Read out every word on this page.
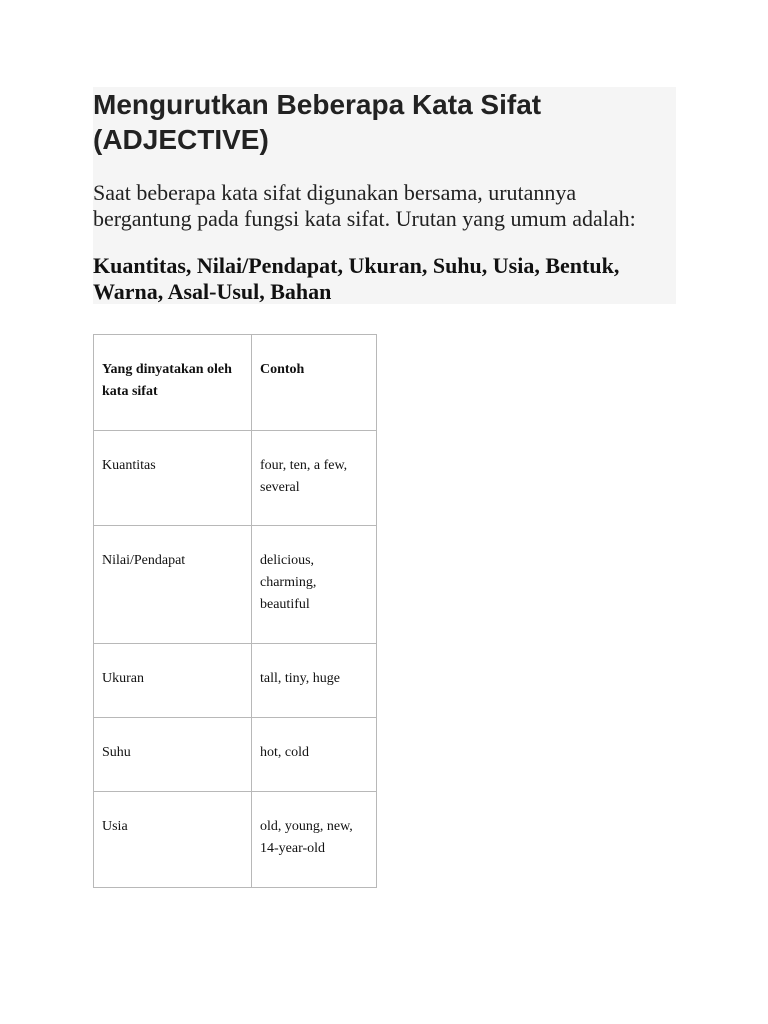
Mengurutkan Beberapa Kata Sifat (ADJECTIVE)

Saat beberapa kata sifat digunakan bersama, urutannya bergantung pada fungsi kata sifat. Urutan yang umum adalah:

Kuantitas, Nilai/Pendapat, Ukuran, Suhu, Usia, Bentuk, Warna, Asal-Usul, Bahan

Yang dinyatakan oleh kata sifat	Contoh
Kuantitas	four, ten, a few, several
Nilai/Pendapat	delicious, charming, beautiful
Ukuran	tall, tiny, huge
Suhu	hot, cold
Usia	old, young, new, 14-year-old
